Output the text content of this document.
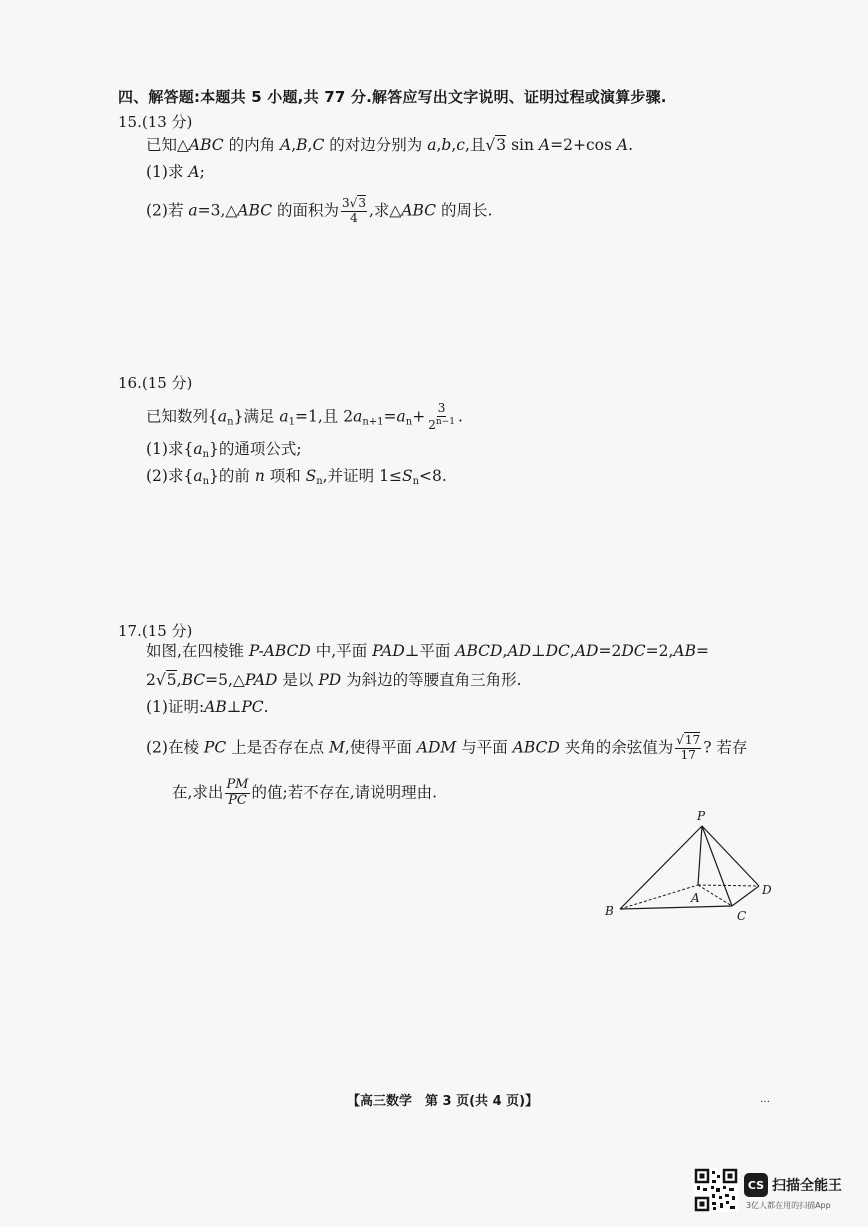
四、解答题:本题共 5 小题,共 77 分.解答应写出文字说明、证明过程或演算步骤.
15.(13 分)
已知△ABC 的内角 A,B,C 的对边分别为 a,b,c,且√3 sin A=2+cos A.
(1)求 A;
(2)若 a=3,△ABC 的面积为 $\frac{3√3}{4}$ ,求△ABC 的周长.
16.(15 分)
已知数列$\{a_n\}$满足 $a_1=1$,且 $2a_{n+1}=a_n+ \frac{3}{2^{n-1}}$ .
(1)求$\{a_n\}$的通项公式;
(2)求$\{a_n\}$的前 n 项和 $S_n$,并证明 $1\le S_n<8$.
17.(15 分)
如图,在四棱锥 P-ABCD 中,平面 PAD⊥平面 ABCD,AD⊥DC,AD=2DC=2,AB=
2√5,BC=5,△PAD 是以 PD 为斜边的等腰直角三角形.
(1)证明:AB⊥PC.
(2)在棱 PC 上是否存在点 M,使得平面 ADM 与平面 ABCD 夹角的余弦值为 $\frac{√17}{17}$ ? 若存
在,求出 $\frac{PM}{PC}$ 的值;若不存在,请说明理由.
P
A
B	C
D
【高三数学　第 3 页(共 4 页)】	…
CS 扫描全能王
3亿人都在用的扫描App
